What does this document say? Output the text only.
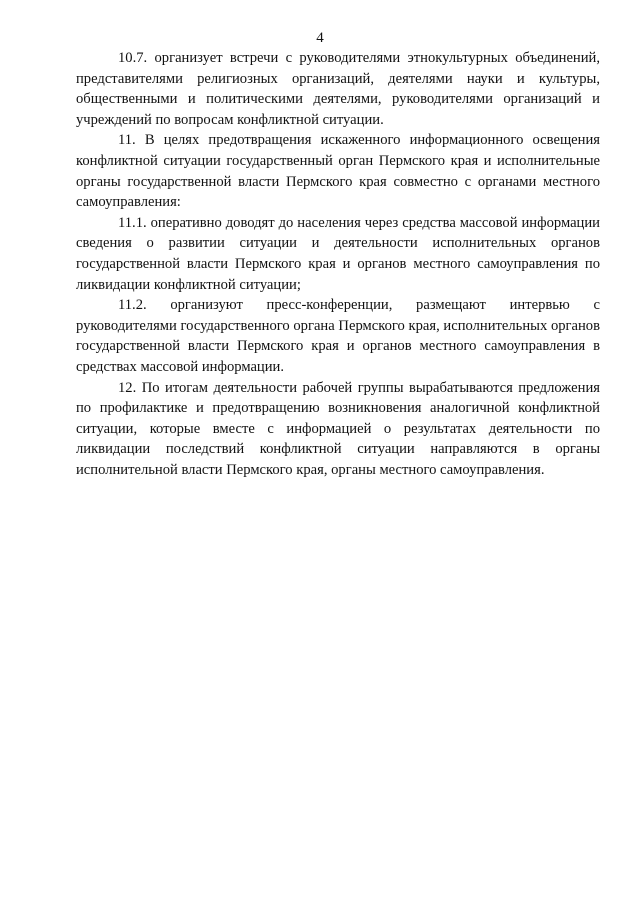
4

10.7. организует встречи с руководителями этнокультурных объединений, представителями религиозных организаций, деятелями науки и культуры, общественными и политическими деятелями, руководителями организаций и учреждений по вопросам конфликтной ситуации.

11. В целях предотвращения искаженного информационного освещения конфликтной ситуации государственный орган Пермского края и исполнительные органы государственной власти Пермского края совместно с органами местного самоуправления:

11.1. оперативно доводят до населения через средства массовой информации сведения о развитии ситуации и деятельности исполнительных органов государственной власти Пермского края и органов местного самоуправления по ликвидации конфликтной ситуации;

11.2. организуют пресс-конференции, размещают интервью с руководителями государственного органа Пермского края, исполнительных органов государственной власти Пермского края и органов местного самоуправления в средствах массовой информации.

12. По итогам деятельности рабочей группы вырабатываются предложения по профилактике и предотвращению возникновения аналогичной конфликтной ситуации, которые вместе с информацией о результатах деятельности по ликвидации последствий конфликтной ситуации направляются в органы исполнительной власти Пермского края, органы местного самоуправления.
